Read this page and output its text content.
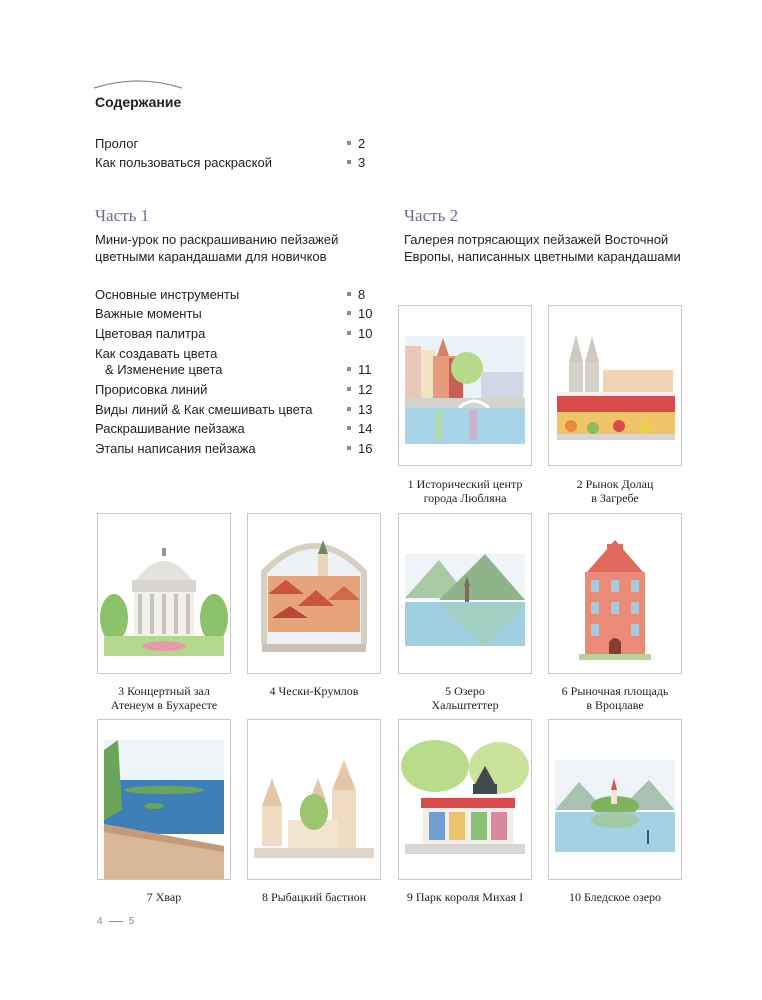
Содержание
Пролог	2
Как пользоваться раскраской	3
Часть 1
Мини-урок по раскрашиванию пейзажей цветными карандашами для новичков
Основные инструменты	8
Важные моменты	10
Цветовая палитра	10
Как создавать цвета
& Изменение цвета	11
Прорисовка линий	12
Виды линий & Как смешивать цвета	13
Раскрашивание пейзажа	14
Этапы написания пейзажа	16
Часть 2
Галерея потрясающих пейзажей Восточной Европы, написанных цветными карандашами
1 Исторический центр
города Любляна
2 Рынок Долац
в Загребе
3 Концертный зал
Атенеум в Бухаресте
4 Чески-Крумлов	5 Озеро
Хальштеттер
6 Рыночная площадь
в Вроцлаве
7 Хвар	8 Рыбацкий бастион	9 Парк короля Михая I	10 Бледское озеро
4	5
